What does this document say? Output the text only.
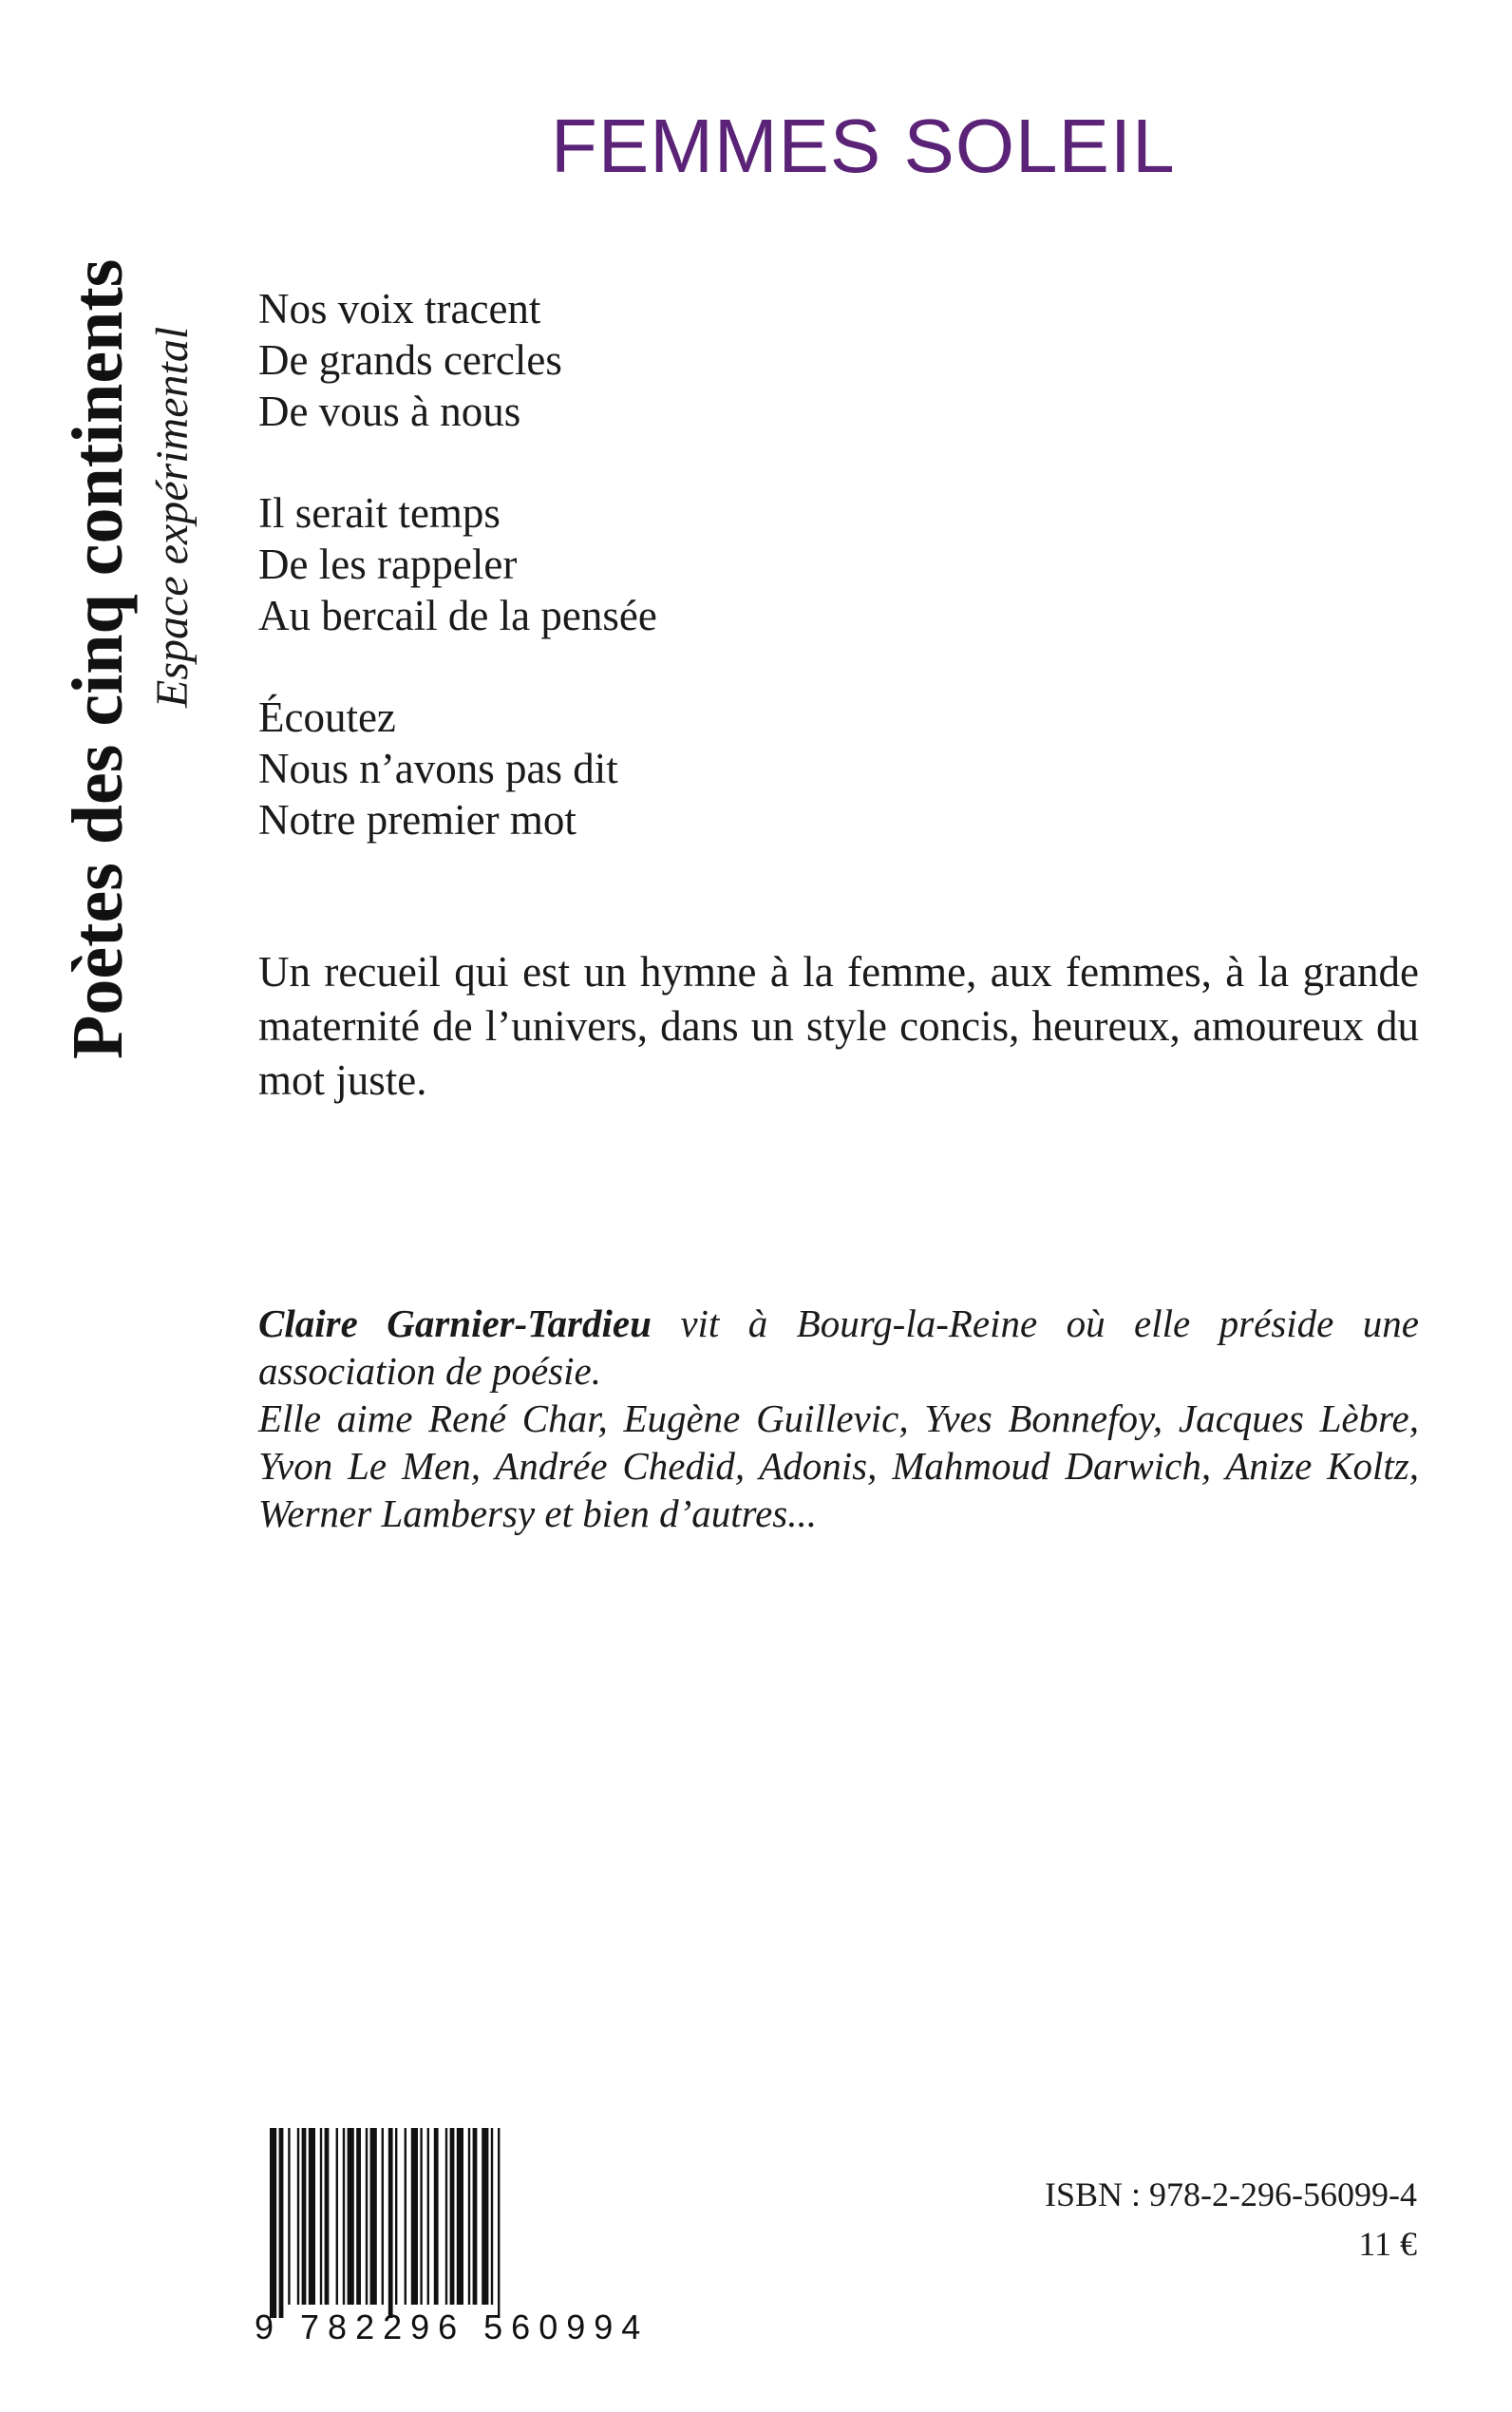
Poètes des cinq continents Espace expérimental
FEMMES SOLEIL
Nos voix tracent
De grands cercles
De vous à nous
Il serait temps
De les rappeler
Au bercail de la pensée
Écoutez
Nous n’avons pas dit
Notre premier mot

Un recueil qui est un hymne à la femme, aux femmes, à la grande maternité de l’univers, dans un style concis, heureux, amoureux du mot juste.

Claire Garnier-Tardieu vit à Bourg-la-Reine où elle préside une association de poésie.
Elle aime René Char, Eugène Guillevic, Yves Bonnefoy, Jacques Lèbre, Yvon Le Men, Andrée Chedid, Adonis, Mahmoud Darwich, Anize Koltz, Werner Lambersy et bien d’autres...

9 782296 560994
ISBN : 978-2-296-56099-4
11 €
